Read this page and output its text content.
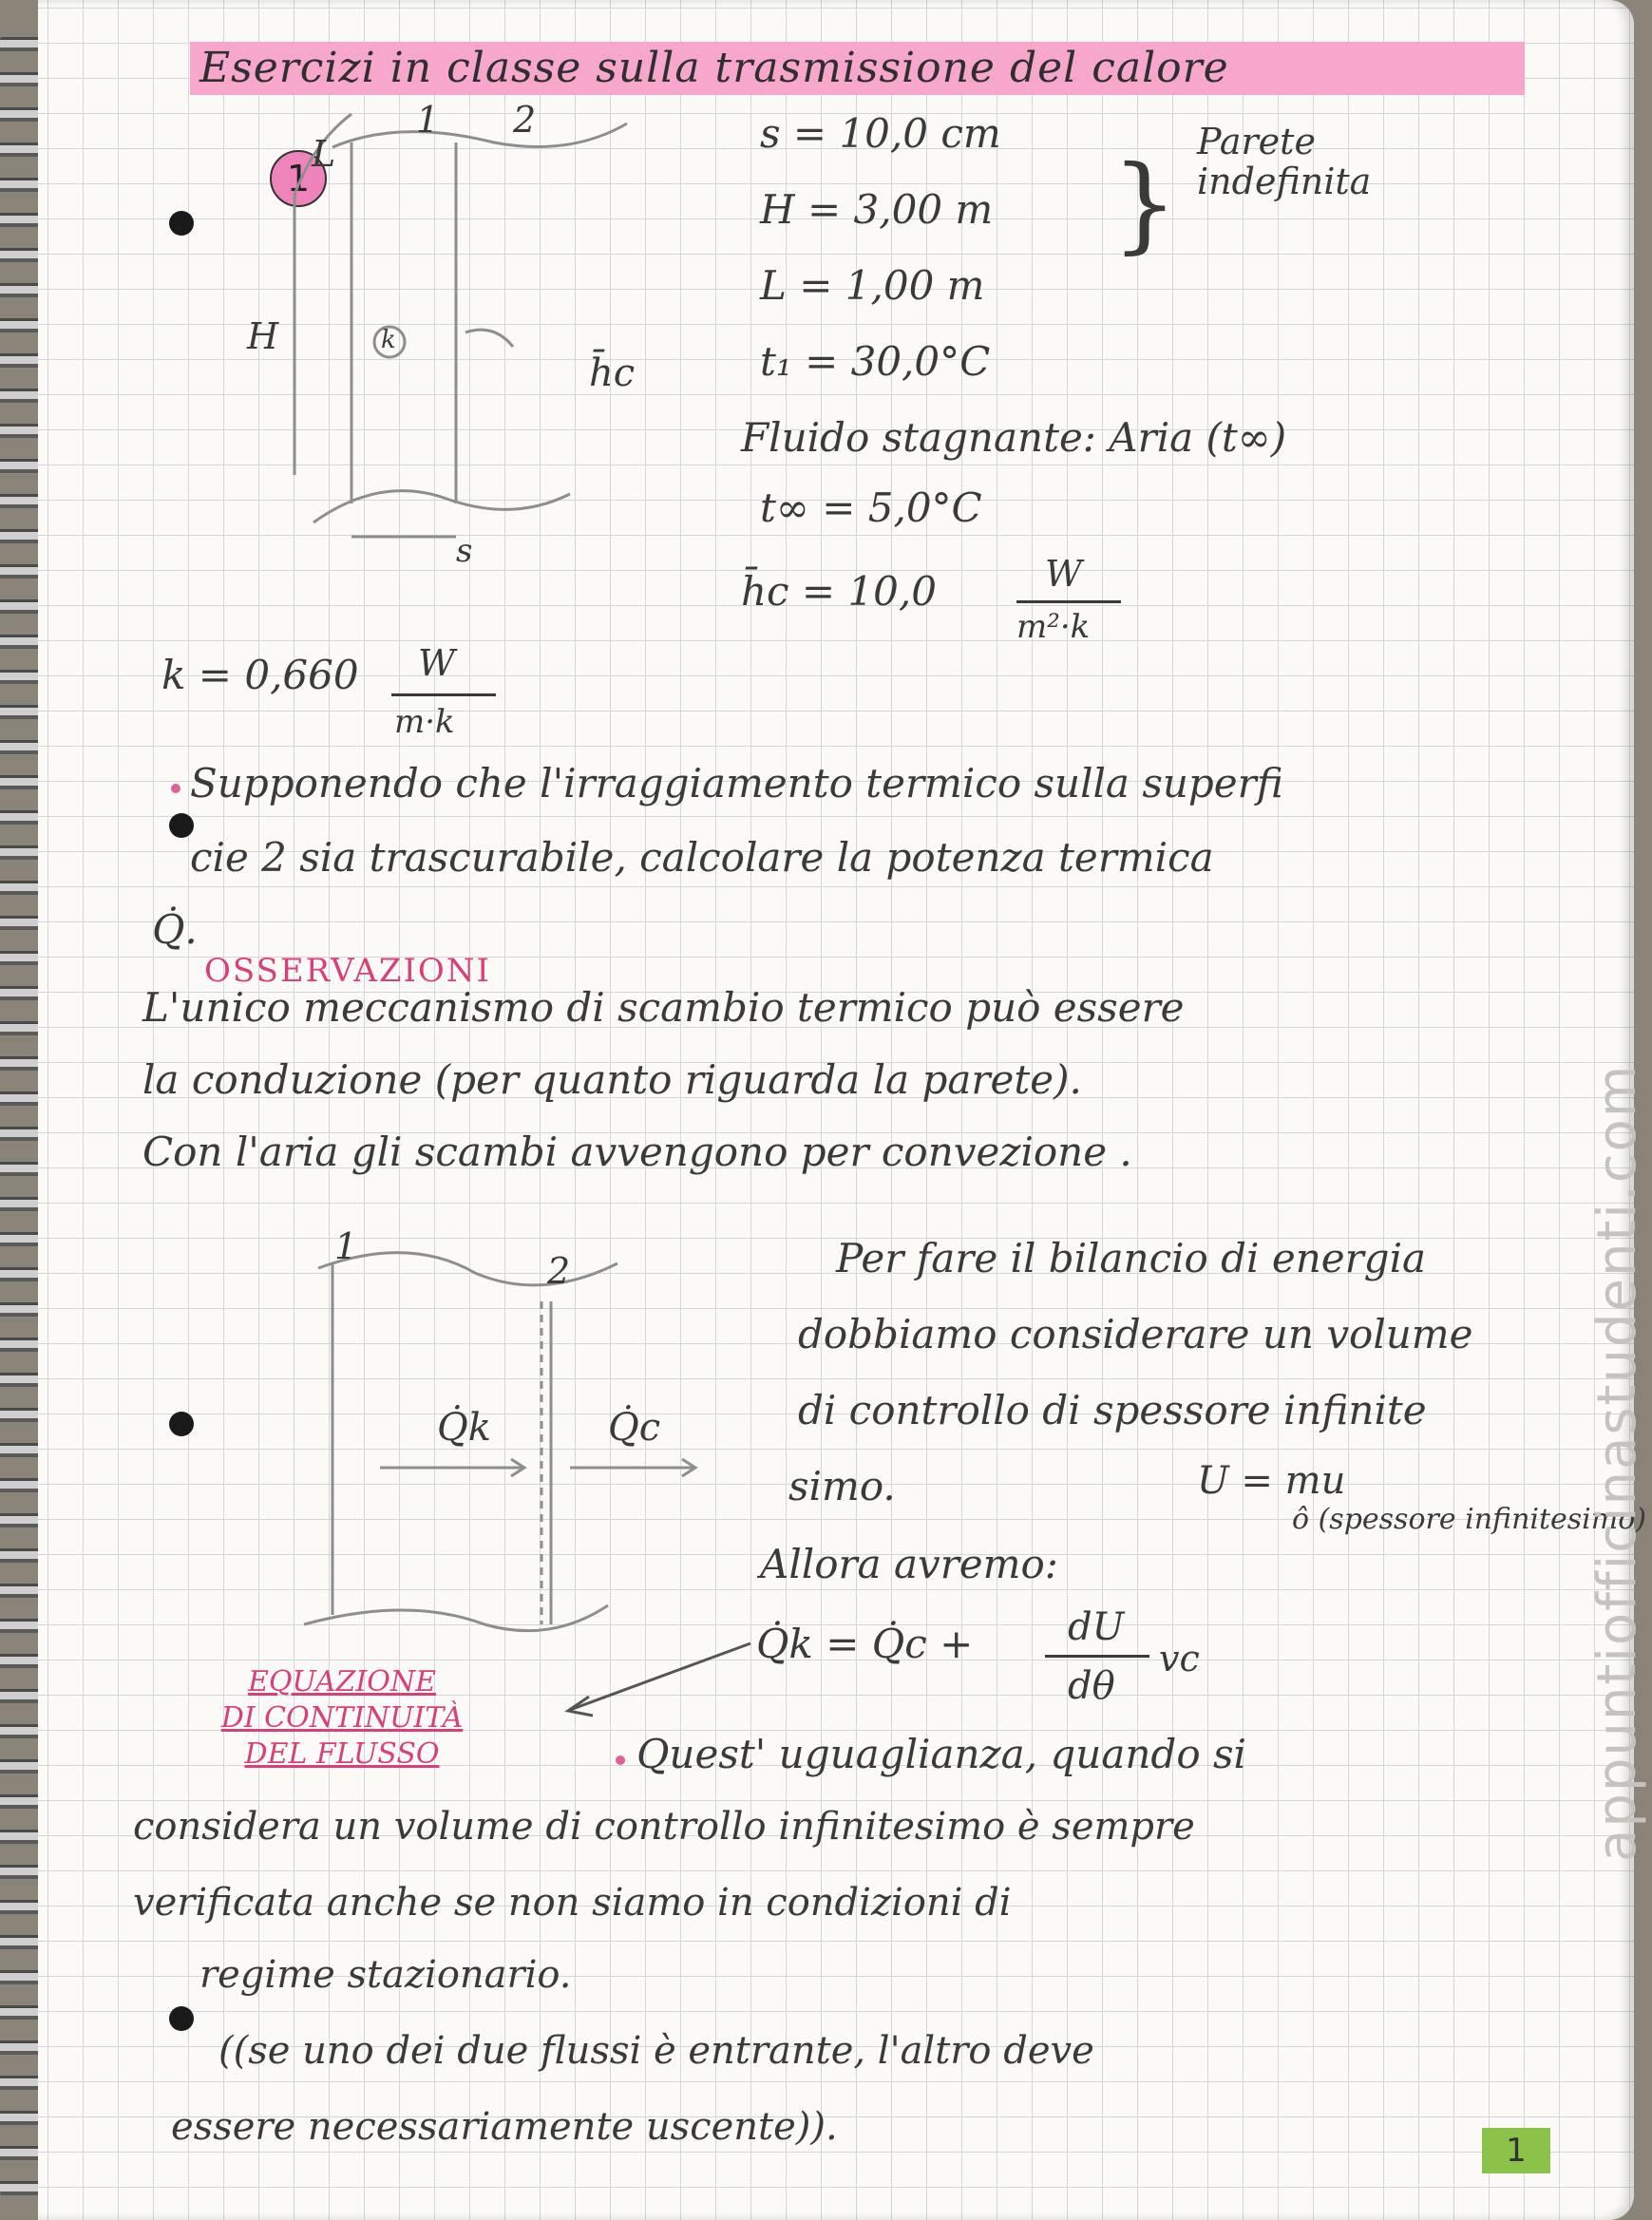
Esercizi in classe sulla trasmissione del calore
1
L
1 2
H	k
h̄c
s
s = 10,0 cm
H = 3,00 m
L = 1,00 m
t₁ = 30,0°C
}
Parete indefinita
Fluido stagnante: Aria (t∞)
t∞ = 5,0°C
h̄c = 10,0	W
m²·k
k = 0,660 W
m·k
Supponendo che l'irraggiamento termico sulla superfi
cie 2 sia trascurabile, calcolare la potenza termica
Q̇.
OSSERVAZIONI
L'unico meccanismo di scambio termico può essere
la conduzione (per quanto riguarda la parete).
Con l'aria gli scambi avvengono per convezione .
1
2
Q̇k	Q̇c
Per fare il bilancio di energia
dobbiamo considerare un volume
di controllo di spessore infinite
simo.	U = mu
ô (spessore infinitesimo)
Allora avremo:
Q̇k = Q̇c + dU
dθ
vc
EQUAZIONE
DI CONTINUITÀ
DEL FLUSSO	Quest' uguaglianza, quando si
considera un volume di controllo infinitesimo è sempre
verificata anche se non siamo in condizioni di
regime stazionario.
((se uno dei due flussi è entrante, l'altro deve
essere necessariamente uscente)).
appuntiofficinastudenti.com
1
